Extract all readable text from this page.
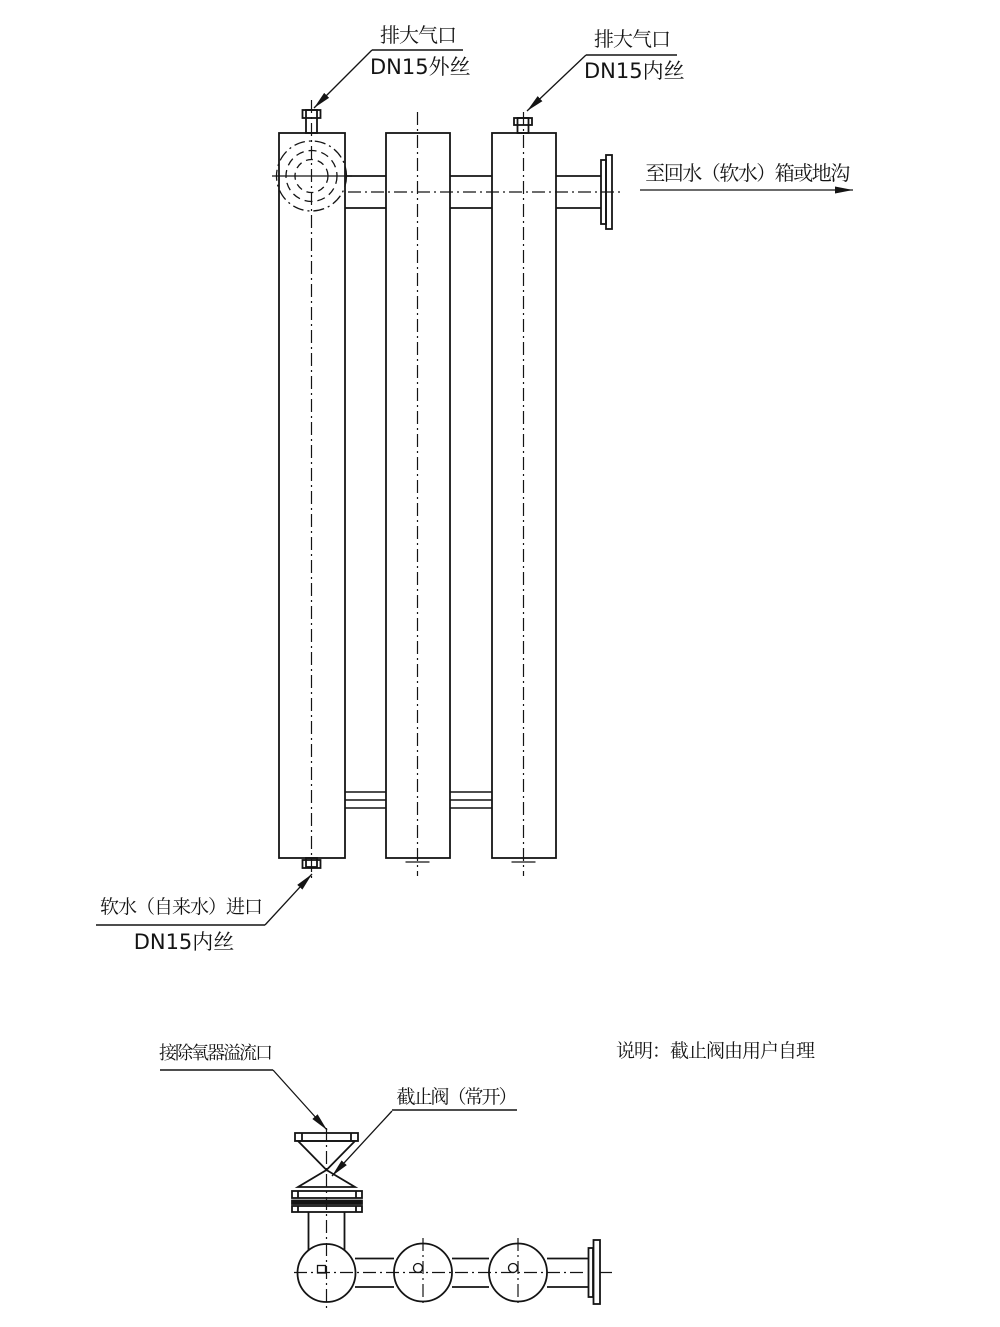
排大气口
DN15外丝
排大气口
DN15内丝
至回水（软水）箱或地沟
软水（自来水）进口
DN15内丝
接除氧器溢流口
截止阀（常开）
说明：截止阀由用户自理
